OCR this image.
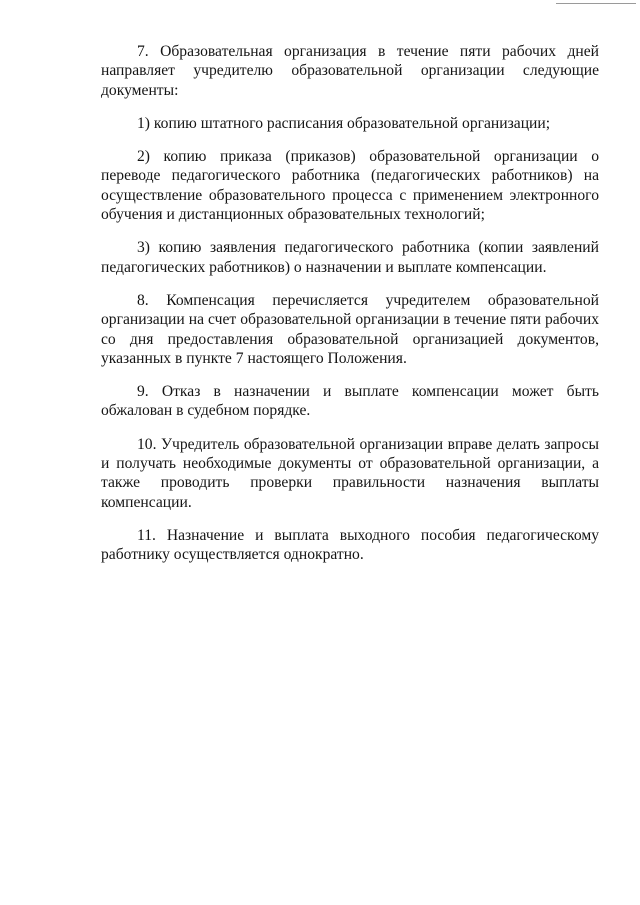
7. Образовательная организация в течение пяти рабочих дней направляет учредителю образовательной организации следующие документы:

1) копию штатного расписания образовательной организации;

2) копию приказа (приказов) образовательной организации о переводе педагогического работника (педагогических работников) на осуществление образовательного процесса с применением электронного обучения и дистанционных образовательных технологий;

3) копию заявления педагогического работника (копии заявлений педагогических работников) о назначении и выплате компенсации.

8. Компенсация перечисляется учредителем образовательной организации на счет образовательной организации в течение пяти рабочих со дня предоставления образовательной организацией документов, указанных в пункте 7 настоящего Положения.

9. Отказ в назначении и выплате компенсации может быть обжалован в судебном порядке.

10. Учредитель образовательной организации вправе делать запросы и получать необходимые документы от образовательной организации, а также проводить проверки правильности назначения выплаты компенсации.

11. Назначение и выплата выходного пособия педагогическому работнику осуществляется однократно.
